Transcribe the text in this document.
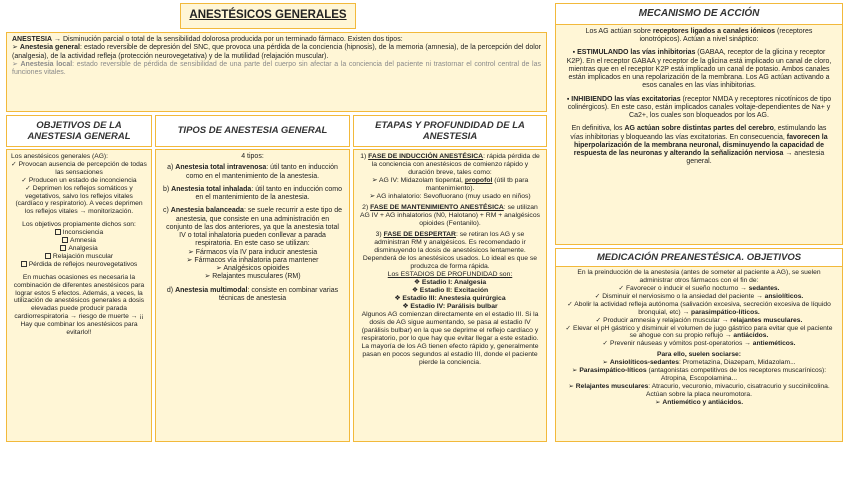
ANESTÉSICOS GENERALES

ANESTESIA → Disminución parcial o total de la sensibilidad dolorosa producida por un terminado fármaco. Existen dos tipos:

➢ Anestesia general: estado reversible de depresión del SNC, que provoca una pérdida de la conciencia (hipnosis), de la memoria (amnesia), de la percepción del dolor (analgesia), de la actividad refleja (protección neurovegetativa) y de la mutilidad (relajación muscular).

➢ Anestesia local: estado reversible de pérdida de sensibilidad de una parte del cuerpo sin afectar a la conciencia del paciente ni trastornar el control central de las funciones vitales.

OBJETIVOS DE LA ANESTESIA GENERAL

Los anestésicos generales (AG):

✓ Provocan ausencia de percepción de todas las sensaciones

✓ Producen un estado de inconciencia

✓ Deprimen los reflejos somáticos y vegetativos, salvo los reflejos vitales (cardíaco y respiratorio). A veces deprimen los reflejos vitales → monitorización.

Los objetivos propiamente dichos son:

Inconsciencia

Amnesia

Analgesia

Relajación muscular

Pérdida de reflejos neurovegetativos

En muchas ocasiones es necesaria la combinación de diferentes anestésicos para lograr estos 5 efectos. Además, a veces, la utilización de anestésicos generales a dosis elevadas puede producir parada cardiorrespiratoria → riesgo de muerte → ¡¡ Hay que combinar los anestésicos para evitarlo!!

TIPOS DE ANESTESIA GENERAL

4 tipos:

a) Anestesia total intravenosa: útil tanto en inducción como en el mantenimiento de la anestesia.

b) Anestesia total inhalada: útil tanto en inducción como en el mantenimiento de la anestesia.

c) Anestesia balanceada: se suele recurrir a este tipo de anestesia, que consiste en una administración en conjunto de las dos anteriores, ya que la anestesia total IV o total inhalatoria pueden conllevar a parada respiratoria. En este caso se utilizan:

➢ Fármacos vía IV para inducir anestesia

➢ Fármacos vía inhalatoria para mantener

➢ Analgésicos opioides

➢ Relajantes musculares (RM)

d) Anestesia multimodal: consiste en combinar varias técnicas de anestesia

ETAPAS Y PROFUNDIDAD DE LA ANESTESIA

1) FASE DE INDUCCIÓN ANESTÉSICA: rápida pérdida de la conciencia con anestésicos de comienzo rápido y duración breve, tales como:

➢ AG IV: Midazolam tiopental, propofol (útil tb para mantenimiento).

➢ AG inhalatorio: Sevofluorano (muy usado en niños)

2) FASE DE MANTENIMIENTO ANESTÉSICA: se utilizan AG IV + AG inhalatorios (N0, Halotano) + RM + analgésicos opioides (Fentanilo).

3) FASE DE DESPERTAR: se retiran los AG y se administran RM y analgésicos. Es recomendado ir disminuyendo la dosis de anestésicos lentamente. Dependerá de los anestésicos usados. Lo ideal es que se produzca de forma rápida.

Los ESTADIOS DE PROFUNDIDAD son:

❖ Estadio I: Analgesia

❖ Estadio II: Excitación

❖ Estadio III: Anestesia quirúrgica

❖ Estadio IV: Parálisis bulbar

Algunos AG comienzan directamente en el estadio III. Si la dosis de AG sigue aumentando, se pasa al estadio IV (parálisis bulbar) en la que se deprime el reflejo cardíaco y respiratorio, por lo que hay que evitar llegar a este estadio. La mayoría de los AG tienen efecto rápido y, generalmente pasan en pocos segundos al estadio III, donde el paciente pierde la conciencia.

MECANISMO DE ACCIÓN

Los AG actúan sobre receptores ligados a canales iónicos (receptores ionotrópicos). Actúan a nivel sináptico:

▪ ESTIMULANDO las vías inhibitorias (GABAA, receptor de la glicina y receptor K2P). En el receptor GABAA y receptor de la glicina está implicado un canal de cloro, mientras que en el receptor K2P está implicado un canal de potasio. Ambos canales están implicados en una repolarización de la membrana. Los AG actúan activando a esos canales en las vías inhibitorias.

▪ INHIBIENDO las vías excitatorias (receptor NMDA y receptores nicotínicos de tipo colinérgicos). En este caso, están implicados canales voltaje-dependientes de Na+ y Ca2+, los cuales son bloqueados por los AG.

En definitiva, los AG actúan sobre distintas partes del cerebro, estimulando las vías inhibitorias y bloqueando las vías excitatorias. En consecuencia, favorecen la hiperpolarización de la membrana neuronal, disminuyendo la capacidad de respuesta de las neuronas y alterando la señalización nerviosa → anestesia general.

MEDICACIÓN PREANESTÉSICA. OBJETIVOS

En la preinducción de la anestesia (antes de someter al paciente a AG), se suelen administrar otros fármacos con el fin de:

✓ Favorecer o inducir el sueño nocturno → sedantes.

✓ Disminuir el nerviosismo o la ansiedad del paciente → ansiolíticos.

✓ Abolir la actividad refleja autónoma (salivación excesiva, secreción excesiva de líquido bronquial, etc) → parasimpático-líticos.

✓ Producir amnesia y relajación muscular → relajantes musculares.

✓ Elevar el pH gástrico y disminuir el volumen de jugo gástrico para evitar que el paciente se ahogue con su propio reflujo → antiácidos.

✓ Prevenir náuseas y vómitos post-operatorios → antieméticos.

Para ello, suelen sociarse:

➢ Ansiolíticos-sedantes: Prometazina, Diazepam, Midazolam...

➢ Parasimpático-líticos (antagonistas competitivos de los receptores muscarínicos): Atropina, Escopolamina...

➢ Relajantes musculares: Atracurio, vecuronio, mivacurio, cisatracurio y succinilcolina. Actúan sobre la placa neuromotora.

➢ Antiemético y antiácidos.
